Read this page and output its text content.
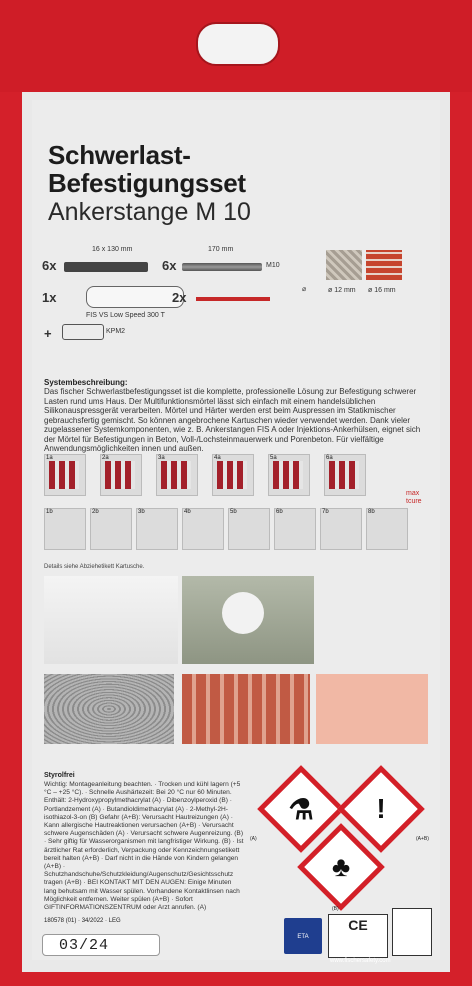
Schwerlast-
Befestigungsset
Ankerstange M 10
6x
16 x 130 mm
6x
170 mm
M10
⌀	ø 12 mm ø 16 mm
1x
FIS VS Low Speed 300 T
2x
+	KPM2
Systembeschreibung:
Das fischer Schwerlastbefestigungsset ist die komplette, professionelle Lösung zur Befestigung schwerer Lasten rund ums Haus. Der Multifunktionsmörtel lässt sich einfach mit einem handelsüblichen Silikonauspressgerät verarbeiten. Mörtel und Härter werden erst beim Auspressen im Statikmischer gebrauchsfertig gemischt. So können angebrochene Kartuschen wieder verwendet werden. Dank vieler zugelassener Systemkomponenten, wie z. B. Ankerstangen FIS A oder Injektions-Ankerhülsen, eignet sich der Mörtel für Befestigungen in Beton, Voll-/Lochsteinmauerwerk und Porenbeton. Für vielfältige Anwendungsmöglichkeiten innen und außen.
1a	2a	3a	4a	5a	6a
1b	2b	3b	4b	5b	6b	7b	8b
max
tcure
Details siehe Abziehetikett Kartusche.
Styrolfrei
Wichtig: Montageanleitung beachten. · Trocken und kühl lagern (+5 °C – +25 °C). · Schnelle Aushärtezeit: Bei 20 °C nur 60 Minuten. Enthält: 2-Hydroxypropylmethacrylat (A) · Dibenzoylperoxid (B) · Portlandzement (A) · Butandioldimethacrylat (A) · 2-Methyl-2H-isothiazol-3-on (B) Gefahr (A+B): Verursacht Hautreizungen (A) · Kann allergische Hautreaktionen verursachen (A+B) · Verursacht schwere Augenschäden (A) · Verursacht schwere Augenreizung. (B) · Sehr giftig für Wasserorganismen mit langfristiger Wirkung. (B) · Ist ärztlicher Rat erforderlich, Verpackung oder Kennzeichnungsetikett bereit halten (A+B) · Darf nicht in die Hände von Kindern gelangen (A+B) · Schutzhandschuhe/Schutzkleidung/Augenschutz/Gesichtsschutz tragen (A+B) · BEI KONTAKT MIT DEN AUGEN: Einige Minuten lang behutsam mit Wasser spülen. Vorhandene Kontaktlinsen nach Möglichkeit entfernen. Weiter spülen (A+B) · Sofort GIFTINFORMATIONSZENTRUM oder Arzt anrufen. (A)
⚗	!
♣
(A)	(A+B)
(B)
180578 (01) · 34/2022 · LEG
03/24	ETA
CE
www.fischersafety.com
